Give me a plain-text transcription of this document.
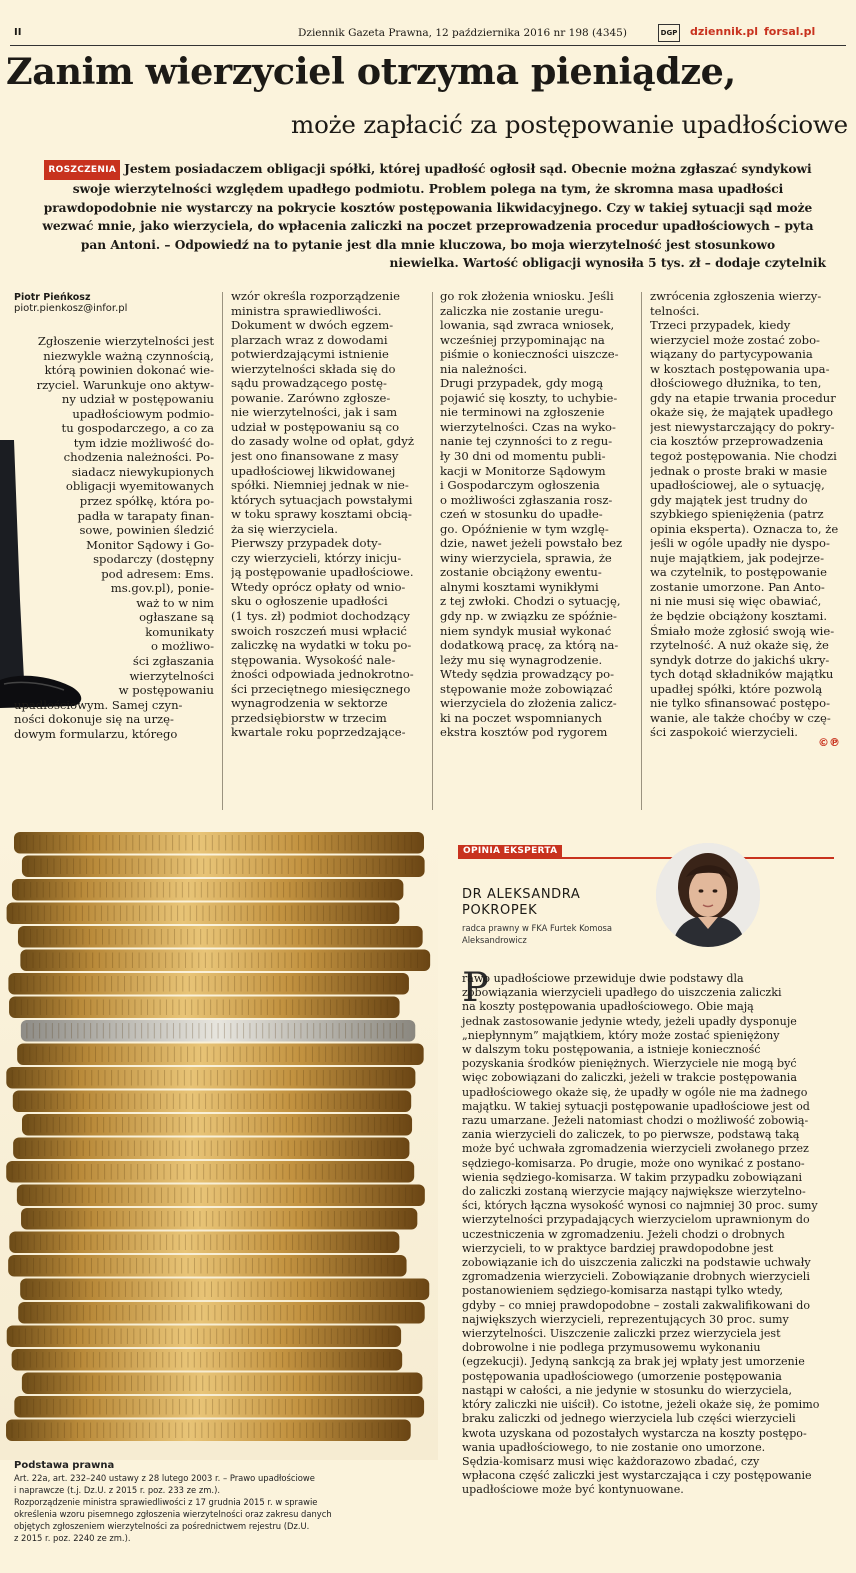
II	Dziennik Gazeta Prawna, 12 października 2016 nr 198 (4345)	DGP dziennik.pl forsal.pl
Zanim wierzyciel otrzyma pieniądze,
może zapłacić za postępowanie upadłościowe
ROSZCZENIA Jestem posiadaczem obligacji spółki, której upadłość ogłosił sąd. Obecnie można zgłaszać syndykowi
swoje wierzytelności względem upadłego podmiotu. Problem polega na tym, że skromna masa upadłości
prawdopodobnie nie wystarczy na pokrycie kosztów postępowania likwidacyjnego. Czy w takiej sytuacji sąd może
wezwać mnie, jako wierzyciela, do wpłacenia zaliczki na poczet przeprowadzenia procedur upadłościowych – pyta
pan Antoni. – Odpowiedź na to pytanie jest dla mnie kluczowa, bo moja wierzytelność jest stosunkowo
niewielka. Wartość obligacji wynosiła 5 tys. zł – dodaje czytelnik
Piotr Pieńkosz
piotr.pienkosz@infor.pl
Zgłoszenie wierzytelności jest
niezwykle ważną czynnością,
którą powinien dokonać wie-
rzyciel. Warunkuje ono aktyw-
ny udział w postępowaniu
upadłościowym podmio-
tu gospodarczego, a co za
tym idzie możliwość do-
chodzenia należności. Po-
siadacz niewykupionych
obligacji wyemitowanych
przez spółkę, która po-
padła w tarapaty finan-
sowe, powinien śledzić
Monitor Sądowy i Go-
spodarczy (dostępny
pod adresem: Ems.
ms.gov.pl), ponie-
waż to w nim
ogłaszane są
komunikaty
o możliwo-
ści zgłaszania
wierzytelności
w postępowaniu
upadłościowym. Samej czyn-
ności dokonuje się na urzę-
dowym formularzu, którego
wzór określa rozporządzenie
ministra sprawiedliwości.
Dokument w dwóch egzem-
plarzach wraz z dowodami
potwierdzającymi istnienie
wierzytelności składa się do
sądu prowadzącego postę-
powanie. Zarówno zgłosze-
nie wierzytelności, jak i sam
udział w postępowaniu są co
do zasady wolne od opłat, gdyż
jest ono finansowane z masy
upadłościowej likwidowanej
spółki. Niemniej jednak w nie-
których sytuacjach powstałymi
w toku sprawy kosztami obcią-
ża się wierzyciela.
Pierwszy przypadek doty-
czy wierzycieli, którzy inicju-
ją postępowanie upadłościowe.
Wtedy oprócz opłaty od wnio-
sku o ogłoszenie upadłości
(1 tys. zł) podmiot dochodzący
swoich roszczeń musi wpłacić
zaliczkę na wydatki w toku po-
stępowania. Wysokość nale-
żności odpowiada jednokrotno-
ści przeciętnego miesięcznego
wynagrodzenia w sektorze
przedsiębiorstw w trzecim
kwartale roku poprzedzające-
go rok złożenia wniosku. Jeśli
zaliczka nie zostanie uregu-
lowania, sąd zwraca wniosek,
wcześniej przypominając na
piśmie o konieczności uiszcze-
nia należności.
Drugi przypadek, gdy mogą
pojawić się koszty, to uchybie-
nie terminowi na zgłoszenie
wierzytelności. Czas na wyko-
nanie tej czynności to z regu-
ły 30 dni od momentu publi-
kacji w Monitorze Sądowym
i Gospodarczym ogłoszenia
o możliwości zgłaszania rosz-
czeń w stosunku do upadłe-
go. Opóźnienie w tym wzglę-
dzie, nawet jeżeli powstało bez
winy wierzyciela, sprawia, że
zostanie obciążony ewentu-
alnymi kosztami wynikłymi
z tej zwłoki. Chodzi o sytuację,
gdy np. w związku ze spóźnie-
niem syndyk musiał wykonać
dodatkową pracę, za którą na-
leży mu się wynagrodzenie.
Wtedy sędzia prowadzący po-
stępowanie może zobowiązać
wierzyciela do złożenia zalicz-
ki na poczet wspomnianych
ekstra kosztów pod rygorem
zwrócenia zgłoszenia wierzy-
telności.
Trzeci przypadek, kiedy
wierzyciel może zostać zobo-
wiązany do partycypowania
w kosztach postępowania upa-
dłościowego dłużnika, to ten,
gdy na etapie trwania procedur
okaże się, że majątek upadłego
jest niewystarczający do pokry-
cia kosztów przeprowadzenia
tegoż postępowania. Nie chodzi
jednak o proste braki w masie
upadłościowej, ale o sytuację,
gdy majątek jest trudny do
szybkiego spieniężenia (patrz
opinia eksperta). Oznacza to, że
jeśli w ogóle upadły nie dyspo-
nuje majątkiem, jak podejrze-
wa czytelnik, to postępowanie
zostanie umorzone. Pan Anto-
ni nie musi się więc obawiać,
że będzie obciążony kosztami.
Śmiało może zgłosić swoją wie-
rzytelność. A nuż okaże się, że
syndyk dotrze do jakichś ukry-
tych dotąd składników majątku
upadłej spółki, które pozwolą
nie tylko sfinansować postępo-
wanie, ale także choćby w czę-
ści zaspokoić wierzycieli.
©℗
Podstawa prawna
Art. 22a, art. 232–240 ustawy z 28 lutego 2003 r. – Prawo upadłościowe
i naprawcze (t.j. Dz.U. z 2015 r. poz. 233 ze zm.).
Rozporządzenie ministra sprawiedliwości z 17 grudnia 2015 r. w sprawie
określenia wzoru pisemnego zgłoszenia wierzytelności oraz zakresu danych
objętych zgłoszeniem wierzytelności za pośrednictwem rejestru (Dz.U.
z 2015 r. poz. 2240 ze zm.).
OPINIA EKSPERTA
DR ALEKSANDRA
POKROPEK
radca prawny w FKA Furtek Komosa
Aleksandrowicz
P
rawo upadłościowe przewiduje dwie podstawy dla
zobowiązania wierzycieli upadłego do uiszczenia zaliczki
na koszty postępowania upadłościowego. Obie mają
jednak zastosowanie jedynie wtedy, jeżeli upadły dysponuje
„niepłynnym” majątkiem, który może zostać spieniężony
w dalszym toku postępowania, a istnieje konieczność
pozyskania środków pieniężnych. Wierzyciele nie mogą być
więc zobowiązani do zaliczki, jeżeli w trakcie postępowania
upadłościowego okaże się, że upadły w ogóle nie ma żadnego
majątku. W takiej sytuacji postępowanie upadłościowe jest od
razu umarzane. Jeżeli natomiast chodzi o możliwość zobowią-
zania wierzycieli do zaliczek, to po pierwsze, podstawą taką
może być uchwała zgromadzenia wierzycieli zwołanego przez
sędziego-komisarza. Po drugie, może ono wynikać z postano-
wienia sędziego-komisarza. W takim przypadku zobowiązani
do zaliczki zostaną wierzycie mający największe wierzytelno-
ści, których łączna wysokość wynosi co najmniej 30 proc. sumy
wierzytelności przypadających wierzycielom uprawnionym do
uczestniczenia w zgromadzeniu. Jeżeli chodzi o drobnych
wierzycieli, to w praktyce bardziej prawdopodobne jest
zobowiązanie ich do uiszczenia zaliczki na podstawie uchwały
zgromadzenia wierzycieli. Zobowiązanie drobnych wierzycieli
postanowieniem sędziego-komisarza nastąpi tylko wtedy,
gdyby – co mniej prawdopodobne – zostali zakwalifikowani do
największych wierzycieli, reprezentujących 30 proc. sumy
wierzytelności. Uiszczenie zaliczki przez wierzyciela jest
dobrowolne i nie podlega przymusowemu wykonaniu
(egzekucji). Jedyną sankcją za brak jej wpłaty jest umorzenie
postępowania upadłościowego (umorzenie postępowania
nastąpi w całości, a nie jedynie w stosunku do wierzyciela,
który zaliczki nie uiścił). Co istotne, jeżeli okaże się, że pomimo
braku zaliczki od jednego wierzyciela lub części wierzycieli
kwota uzyskana od pozostałych wystarcza na koszty postępo-
wania upadłościowego, to nie zostanie ono umorzone.
Sędzia-komisarz musi więc każdorazowo zbadać, czy
wpłacona część zaliczki jest wystarczająca i czy postępowanie
upadłościowe może być kontynuowane.
